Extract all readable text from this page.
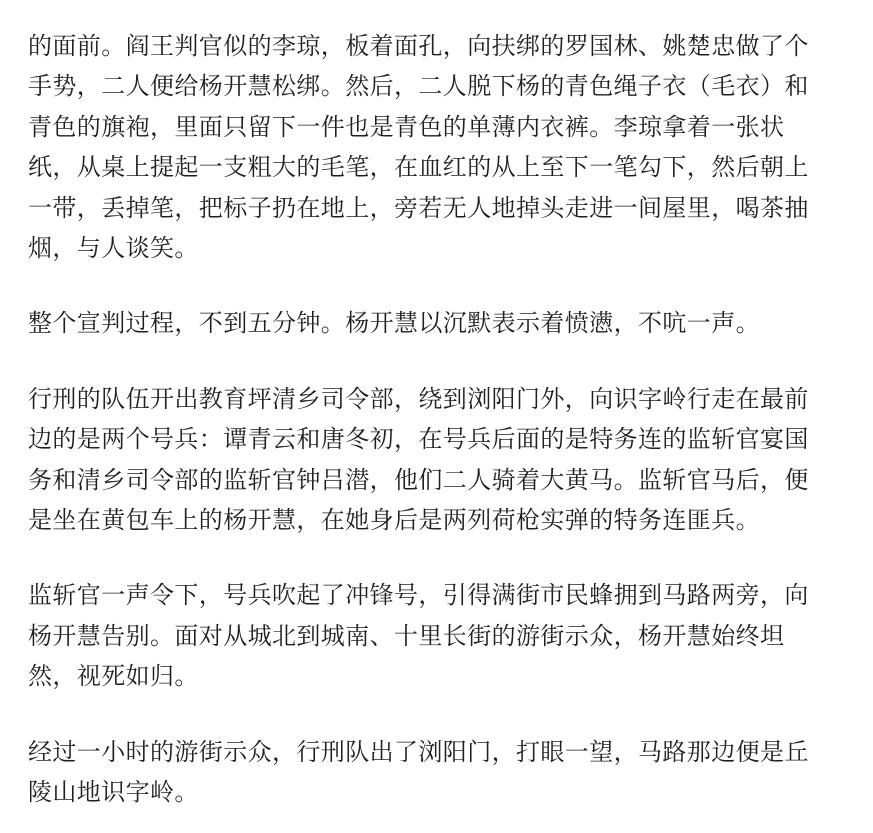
的面前。阎王判官似的李琼，板着面孔，向扶绑的罗国林、姚楚忠做了个
手势，二人便给杨开慧松绑。然后，二人脱下杨的青色绳子衣（毛衣）和
青色的旗袍，里面只留下一件也是青色的单薄内衣裤。李琼拿着一张状
纸，从桌上提起一支粗大的毛笔，在血红的从上至下一笔勾下，然后朝上
一带，丢掉笔，把标子扔在地上，旁若无人地掉头走进一间屋里，喝茶抽
烟，与人谈笑。

整个宣判过程，不到五分钟。杨开慧以沉默表示着愤懑，不吭一声。

行刑的队伍开出教育坪清乡司令部，绕到浏阳门外，向识字岭行走在最前
边的是两个号兵：谭青云和唐冬初，在号兵后面的是特务连的监斩官宴国
务和清乡司令部的监斩官钟吕潜，他们二人骑着大黄马。监斩官马后，便
是坐在黄包车上的杨开慧，在她身后是两列荷枪实弹的特务连匪兵。

监斩官一声令下，号兵吹起了冲锋号，引得满街市民蜂拥到马路两旁，向
杨开慧告别。面对从城北到城南、十里长街的游街示众，杨开慧始终坦
然，视死如归。

经过一小时的游街示众，行刑队出了浏阳门，打眼一望，马路那边便是丘
陵山地识字岭。
